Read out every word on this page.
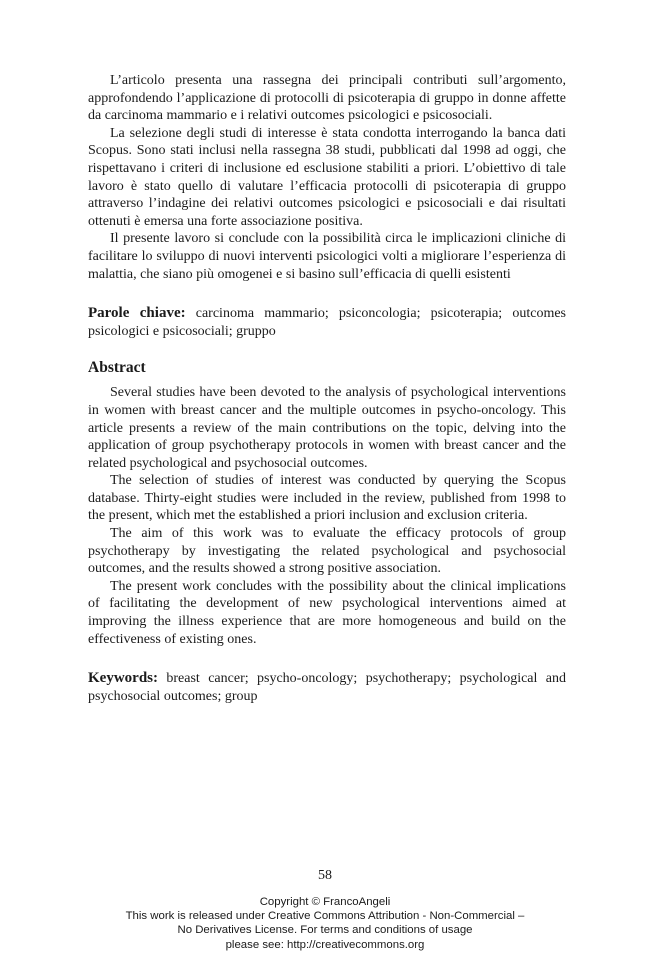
L’articolo presenta una rassegna dei principali contributi sull’argomento, approfondendo l’applicazione di protocolli di psicoterapia di gruppo in donne affette da carcinoma mammario e i relativi outcomes psicologici e psicosociali.

La selezione degli studi di interesse è stata condotta interrogando la banca dati Scopus. Sono stati inclusi nella rassegna 38 studi, pubblicati dal 1998 ad oggi, che rispettavano i criteri di inclusione ed esclusione stabiliti a priori. L’obiettivo di tale lavoro è stato quello di valutare l’efficacia protocolli di psicoterapia di gruppo attraverso l’indagine dei relativi outcomes psicologici e psicosociali e dai risultati ottenuti è emersa una forte associazione positiva.

Il presente lavoro si conclude con la possibilità circa le implicazioni cliniche di facilitare lo sviluppo di nuovi interventi psicologici volti a migliorare l’esperienza di malattia, che siano più omogenei e si basino sull’efficacia di quelli esistenti

Parole chiave: carcinoma mammario; psiconcologia; psicoterapia; outcomes psicologici e psicosociali; gruppo

Abstract

Several studies have been devoted to the analysis of psychological interventions in women with breast cancer and the multiple outcomes in psycho-oncology. This article presents a review of the main contributions on the topic, delving into the application of group psychotherapy protocols in women with breast cancer and the related psychological and psychosocial outcomes.

The selection of studies of interest was conducted by querying the Scopus database. Thirty-eight studies were included in the review, published from 1998 to the present, which met the established a priori inclusion and exclusion criteria.

The aim of this work was to evaluate the efficacy protocols of group psychotherapy by investigating the related psychological and psychosocial outcomes, and the results showed a strong positive association.

The present work concludes with the possibility about the clinical implications of facilitating the development of new psychological interventions aimed at improving the illness experience that are more homogeneous and build on the effectiveness of existing ones.

Keywords: breast cancer; psycho-oncology; psychotherapy; psychological and psychosocial outcomes; group

58
Copyright © FrancoAngeli
This work is released under Creative Commons Attribution - Non-Commercial –
No Derivatives License. For terms and conditions of usage
please see: http://creativecommons.org
